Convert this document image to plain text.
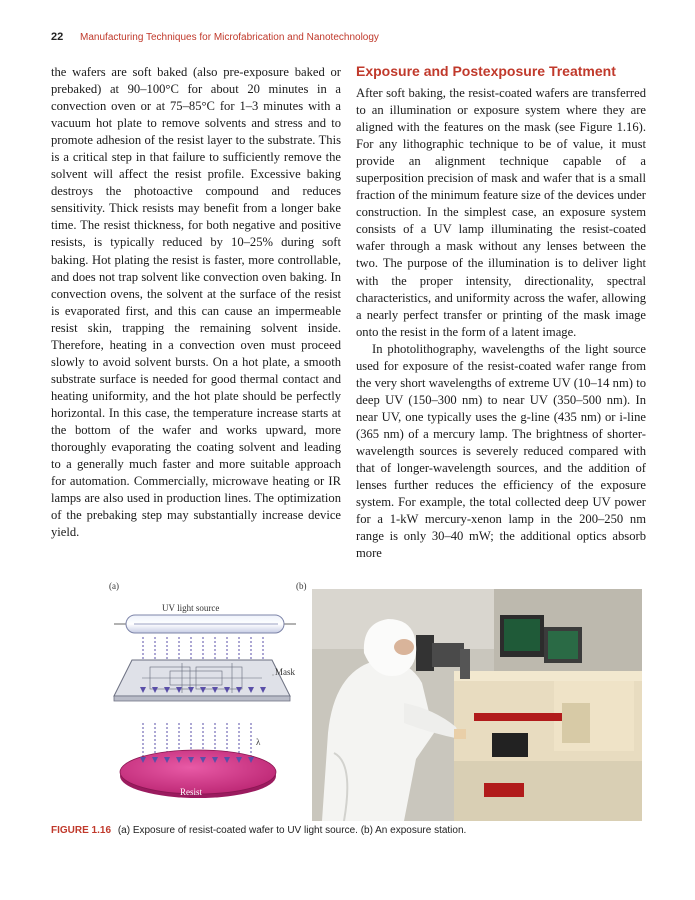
22 Manufacturing Techniques for Microfabrication and Nanotechnology

the wafers are soft baked (also pre-exposure baked or prebaked) at 90–100°C for about 20 minutes in a convection oven or at 75–85°C for 1–3 minutes with a vacuum hot plate to remove solvents and stress and to promote adhesion of the resist layer to the substrate. This is a critical step in that failure to sufficiently remove the solvent will affect the resist profile. Excessive baking destroys the photoactive compound and reduces sensitivity. Thick resists may benefit from a longer bake time. The resist thickness, for both negative and positive resists, is typically reduced by 10–25% during soft baking. Hot plating the resist is faster, more controllable, and does not trap solvent like convection oven baking. In convection ovens, the solvent at the surface of the resist is evaporated first, and this can cause an impermeable resist skin, trapping the remaining solvent inside. Therefore, heating in a convection oven must proceed slowly to avoid solvent bursts. On a hot plate, a smooth substrate surface is needed for good thermal contact and heating uniformity, and the hot plate should be perfectly horizontal. In this case, the temperature increase starts at the bottom of the wafer and works upward, more thoroughly evaporating the coating solvent and leading to a generally much faster and more suitable approach for automation. Commercially, microwave heating or IR lamps are also used in production lines. The optimization of the prebaking step may substantially increase device yield.

Exposure and Postexposure Treatment

After soft baking, the resist-coated wafers are transferred to an illumination or exposure system where they are aligned with the features on the mask (see Figure 1.16). For any lithographic technique to be of value, it must provide an alignment technique capable of a superposition precision of mask and wafer that is a small fraction of the minimum feature size of the devices under construction. In the simplest case, an exposure system consists of a UV lamp illuminating the resist-coated wafer through a mask without any lenses between the two. The purpose of the illumination is to deliver light with the proper intensity, directionality, spectral characteristics, and uniformity across the wafer, allowing a nearly perfect transfer or printing of the mask image onto the resist in the form of a latent image.

In photolithography, wavelengths of the light source used for exposure of the resist-coated wafer range from the very short wavelengths of extreme UV (10–14 nm) to deep UV (150–300 nm) to near UV (350–500 nm). In near UV, one typically uses the g-line (435 nm) or i-line (365 nm) of a mercury lamp. The brightness of shorter-wavelength sources is severely reduced compared with that of longer-wavelength sources, and the addition of lenses further reduces the efficiency of the exposure system. For example, the total collected deep UV power for a 1-kW mercury-xenon lamp in the 200–250 nm range is only 30–40 mW; the additional optics absorb more

(a)
Mask
λ
Resist
UV light source
(b)
FIGURE 1.16 (a) Exposure of resist-coated wafer to UV light source. (b) An exposure station.
